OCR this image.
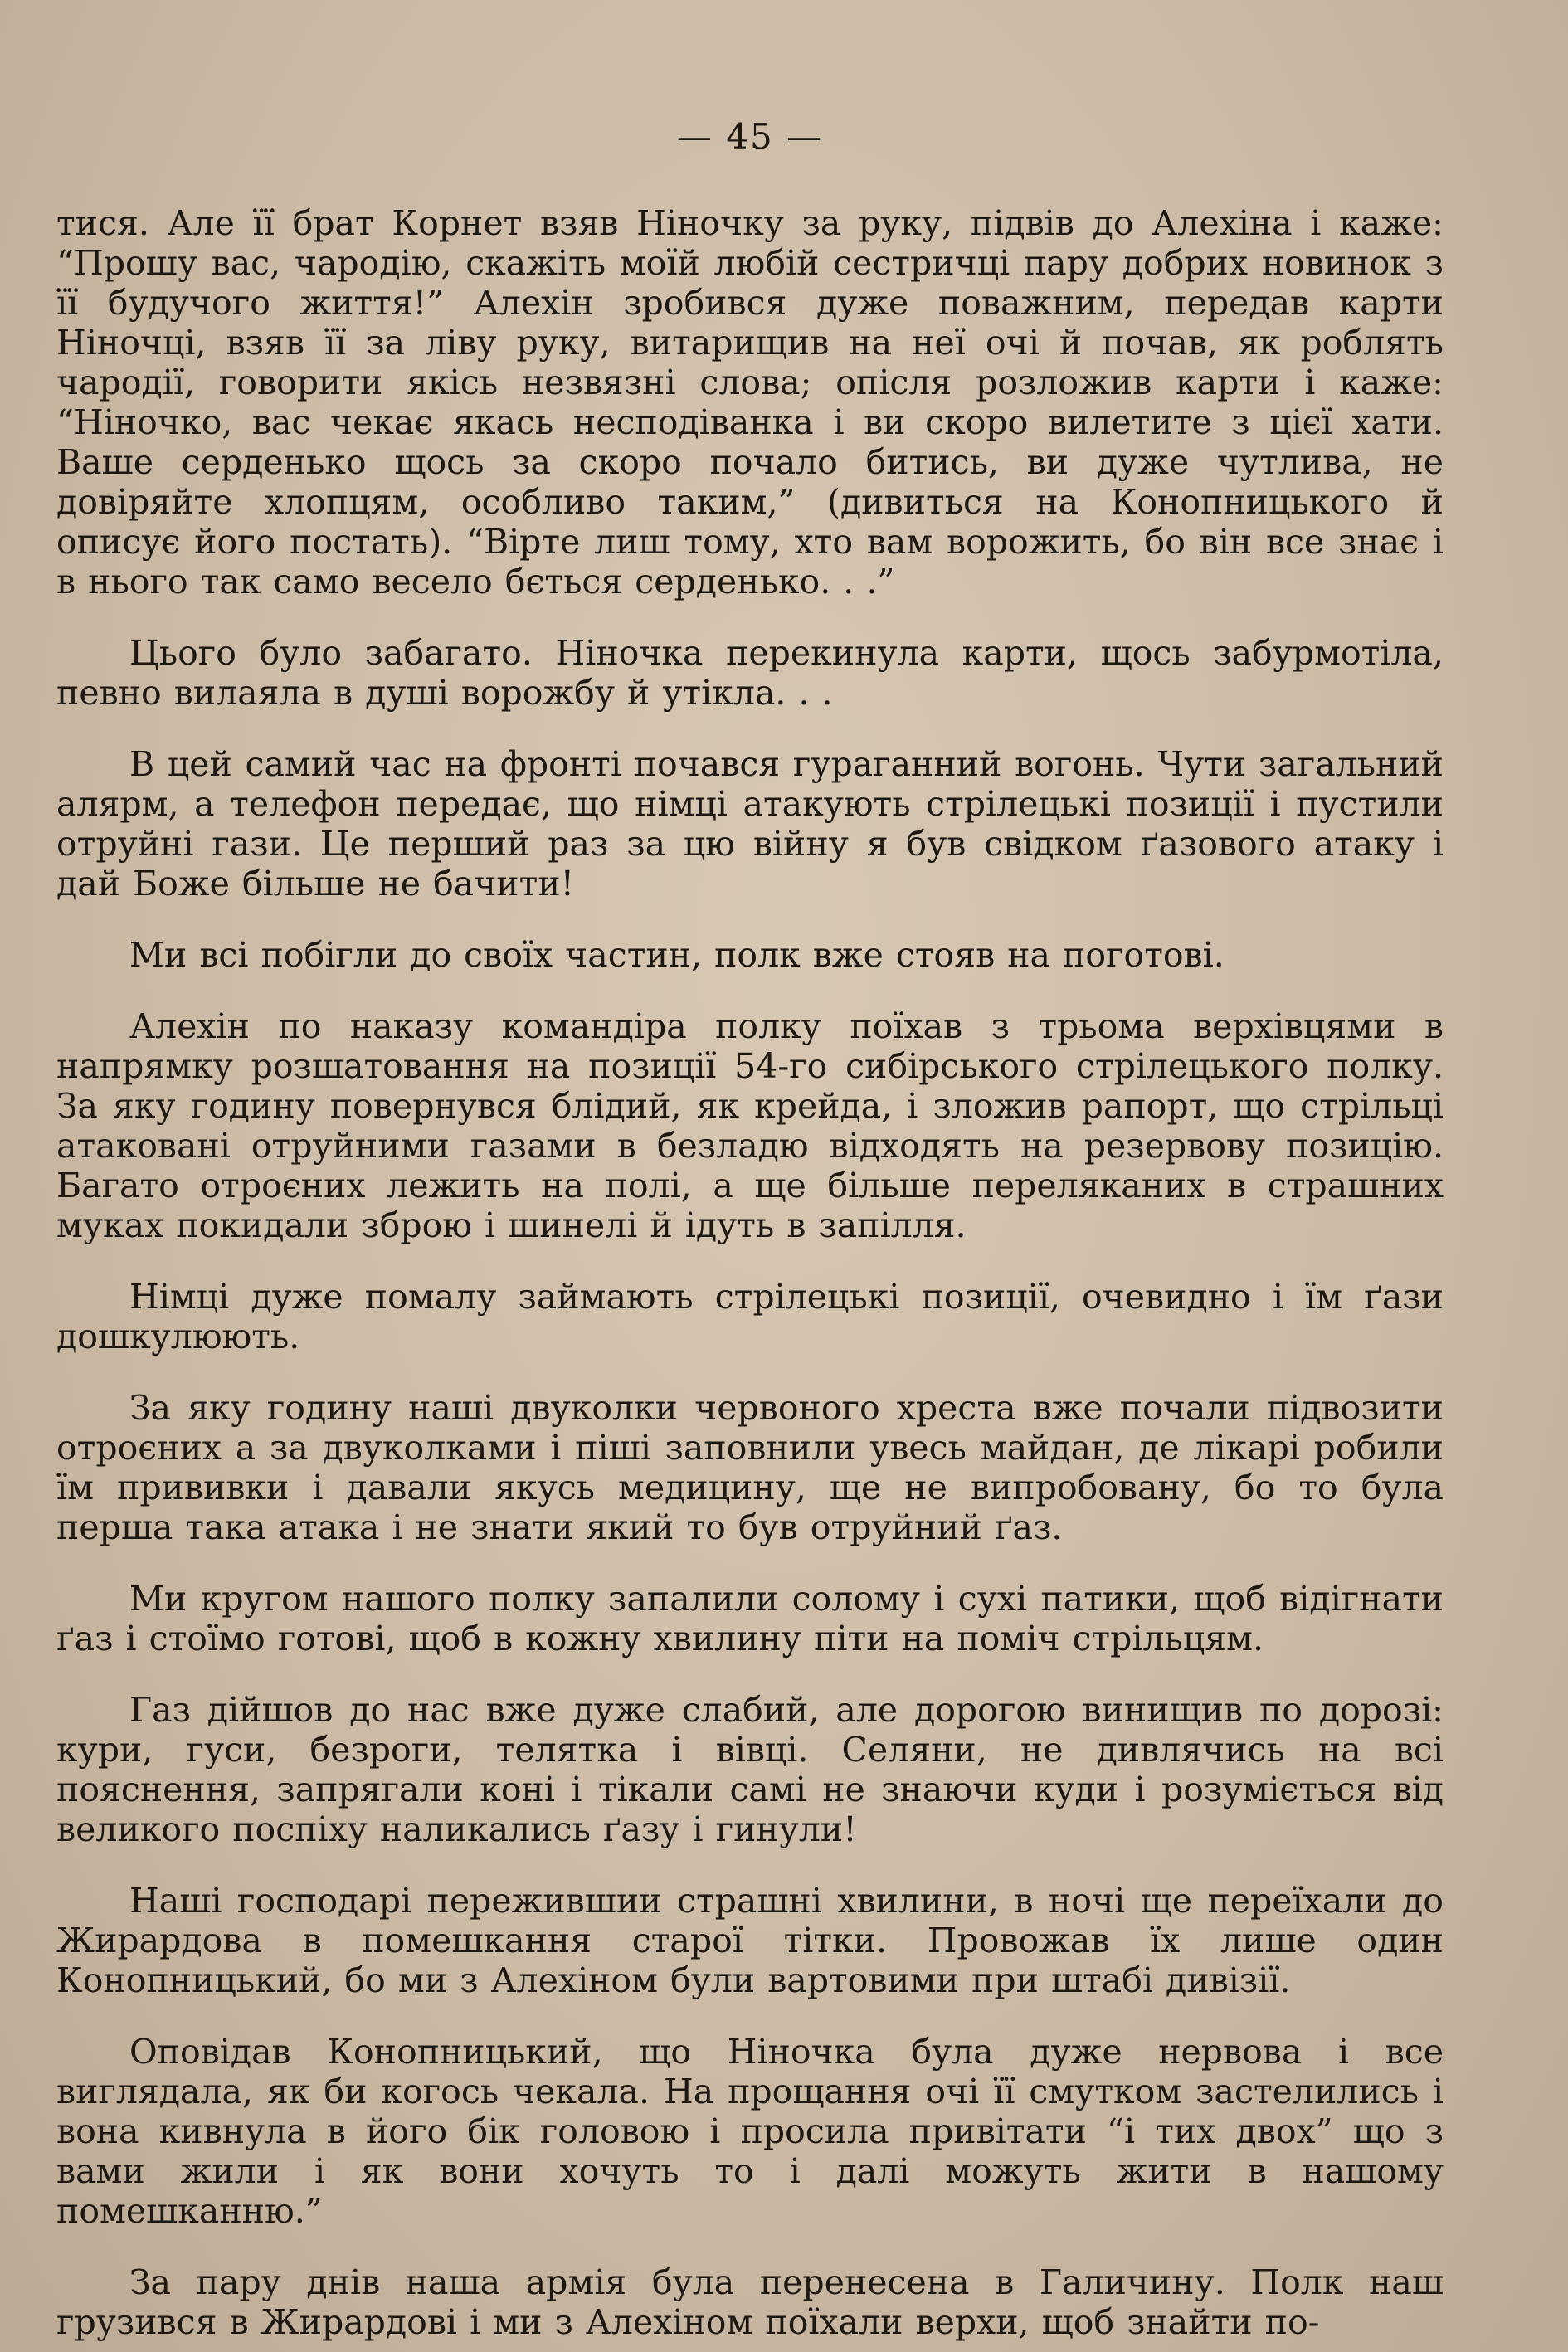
— 45 —

тися. Але її брат Корнет взяв Ніночку за руку, підвів до Алехіна і каже: “Прошу вас, чародію, скажіть моїй любій сестричці пару добрих новинок з її будучого життя!” Алехін зробився дуже поважним, передав карти Ніночці, взяв її за ліву руку, витарищив на неї очі й почав, як роблять чародії, говорити якісь незвязні слова; опісля розложив карти і каже: “Ніночко, вас чекає якась несподіванка і ви скоро вилетите з цієї хати. Ваше серденько щось за скоро почало битись, ви дуже чутлива, не довіряйте хлопцям, особливо таким,” (дивиться на Конопницького й описує його постать). “Вірте лиш тому, хто вам ворожить, бо він все знає і в нього так само весело бється серденько. . .”

Цього було забагато. Ніночка перекинула карти, щось забурмотіла, певно вилаяла в душі ворожбу й утікла. . .

В цей самий час на фронті почався гураганний вогонь. Чути загальний алярм, а телефон передає, що німці атакують стрілецькі позиції і пустили отруйні гази. Це перший раз за цю війну я був свідком ґазового атаку і дай Боже більше не бачити!

Ми всі побігли до своїх частин, полк вже стояв на поготові.

Алехін по наказу командіра полку поїхав з трьома верхівцями в напрямку розшатовання на позиції 54-го сибірського стрілецького полку. За яку годину повернувся блідий, як крейда, і зложив рапорт, що стрільці атаковані отруйними газами в безладю відходять на резервову позицію. Багато отроєних лежить на полі, а ще більше переляканих в страшних муках покидали зброю і шинелі й ідуть в запілля.

Німці дуже помалу займають стрілецькі позиції, очевидно і їм ґази дошкулюють.

За яку годину наші двуколки червоного хреста вже почали підвозити отроєних а за двуколками і піші заповнили увесь майдан, де лікарі робили їм прививки і давали якусь медицину, ще не випробовану, бо то була перша така атака і не знати який то був отруйний ґаз.

Ми кругом нашого полку запалили солому і сухі патики, щоб відігнати ґаз і стоїмо готові, щоб в кожну хвилину піти на поміч стрільцям.

Газ дійшов до нас вже дуже слабий, але дорогою винищив по дорозі: кури, гуси, безроги, телятка і вівці. Селяни, не дивлячись на всі пояснення, запрягали коні і тікали самі не знаючи куди і розуміється від великого поспіху наликались ґазу і гинули!

Наші господарі пережившии страшні хвилини, в ночі ще переїхали до Жирардова в помешкання старої тітки. Провожав їх лише один Конопницький, бо ми з Алехіном були вартовими при штабі дивізії.

Оповідав Конопницький, що Ніночка була дуже нервова і все виглядала, як би когось чекала. На прощання очі її смутком застелились і вона кивнула в його бік головою і просила привітати “і тих двох” що з вами жили і як вони хочуть то і далі можуть жити в нашому помешканню.”

За пару днів наша армія була перенесена в Галичину. Полк наш грузився в Жирардові і ми з Алехіном поїхали верхи, щоб знайти по-
